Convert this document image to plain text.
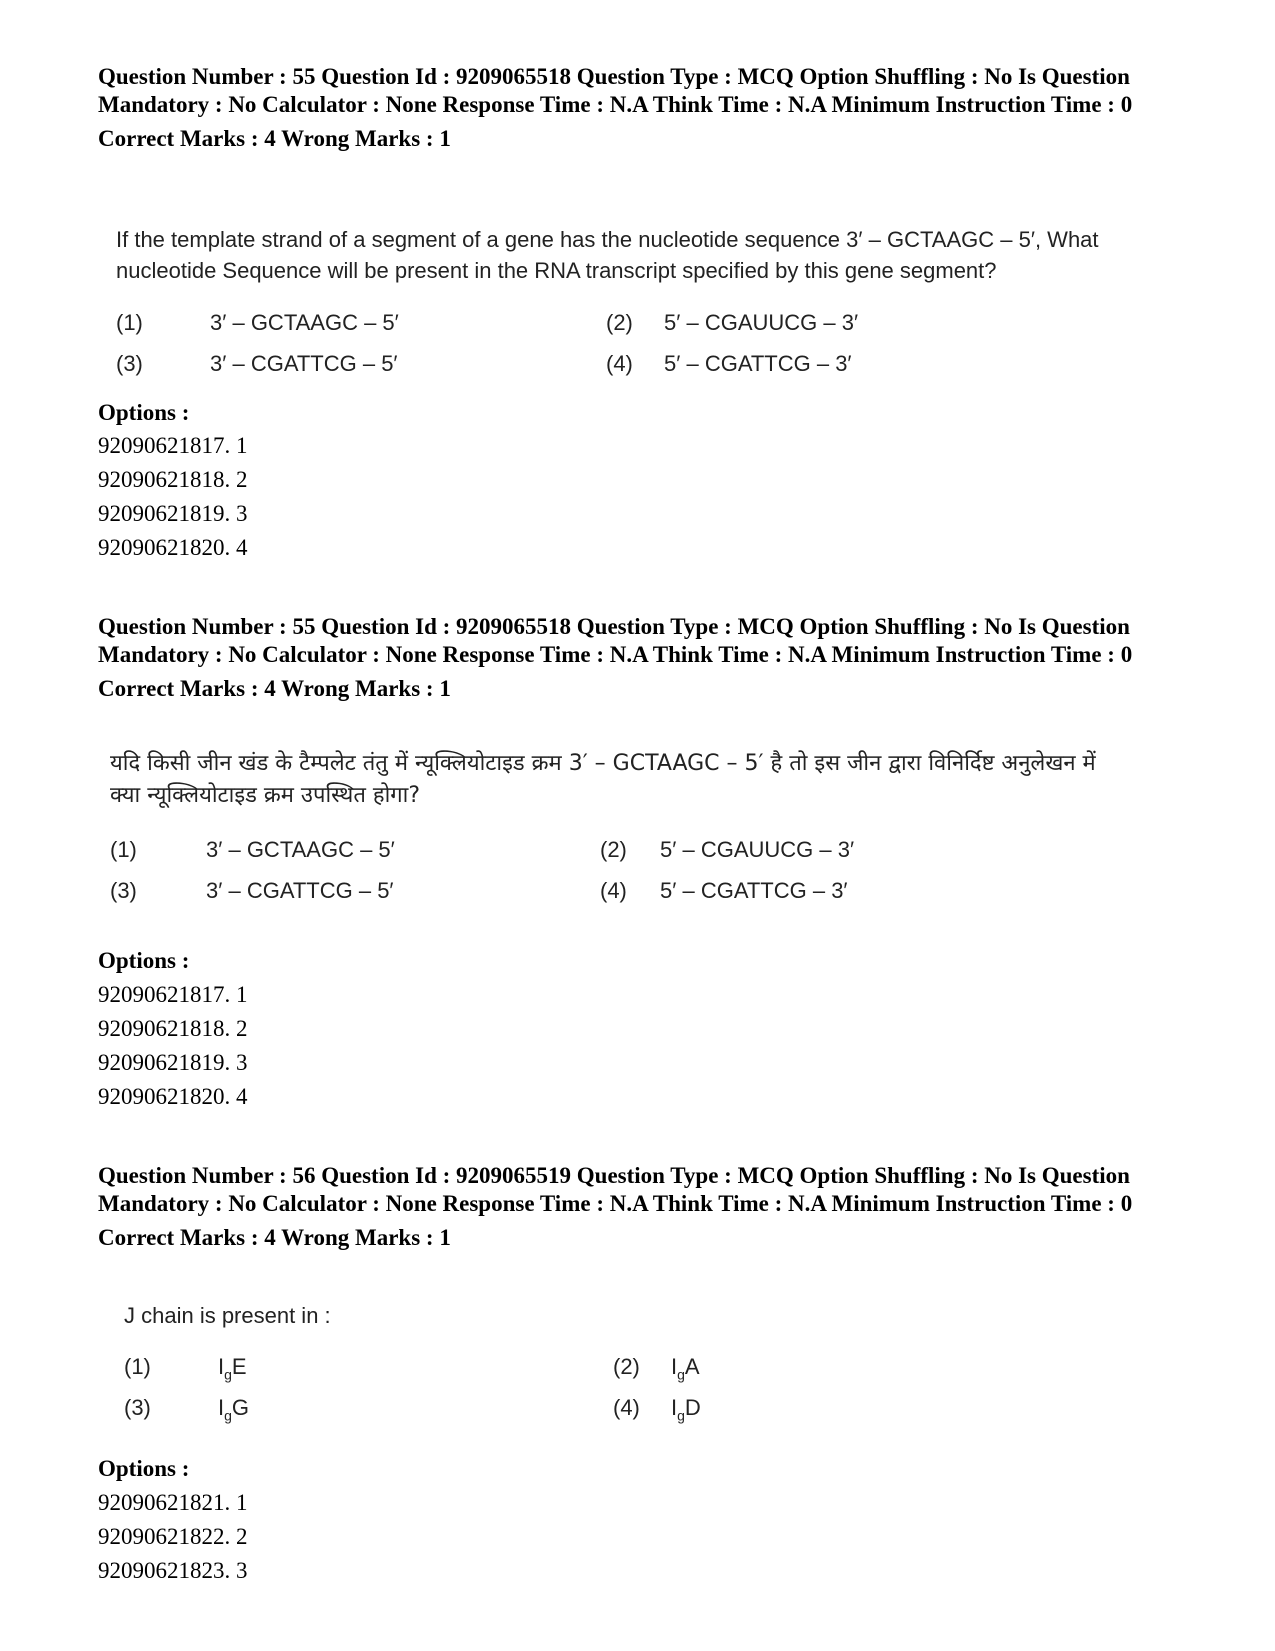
Question Number : 55 Question Id : 9209065518 Question Type : MCQ Option Shuffling : No Is Question Mandatory : No Calculator : None Response Time : N.A Think Time : N.A Minimum Instruction Time : 0

Correct Marks : 4 Wrong Marks : 1

If the template strand of a segment of a gene has the nucleotide sequence 3′ – GCTAAGC – 5′, What nucleotide Sequence will be present in the RNA transcript specified by this gene segment?

(1)	3′ – GCTAAGC – 5′	(2) 5′ – CGAUUCG – 3′
(3)	3′ – CGATTCG – 5′	(4) 5′ – CGATTCG – 3′
Options :
92090621817. 1
92090621818. 2
92090621819. 3
92090621820. 4

Question Number : 55 Question Id : 9209065518 Question Type : MCQ Option Shuffling : No Is Question Mandatory : No Calculator : None Response Time : N.A Think Time : N.A Minimum Instruction Time : 0

Correct Marks : 4 Wrong Marks : 1

यदि किसी जीन खंड के टैम्पलेट तंतु में न्यूक्लियोटाइड क्रम 3′ – GCTAAGC – 5′ है तो इस जीन द्वारा विनिर्दिष्ट अनुलेखन में क्या न्यूक्लियोटाइड क्रम उपस्थित होगा?

(1)	3′ – GCTAAGC – 5′	(2) 5′ – CGAUUCG – 3′
(3)	3′ – CGATTCG – 5′	(4) 5′ – CGATTCG – 3′
Options :
92090621817. 1
92090621818. 2
92090621819. 3
92090621820. 4

Question Number : 56 Question Id : 9209065519 Question Type : MCQ Option Shuffling : No Is Question Mandatory : No Calculator : None Response Time : N.A Think Time : N.A Minimum Instruction Time : 0

Correct Marks : 4 Wrong Marks : 1

J chain is present in :

(1)	$I_gE$	(2) $I_gA$
(3)	$I_gG$	(4) $I_gD$
Options :
92090621821. 1
92090621822. 2
92090621823. 3
